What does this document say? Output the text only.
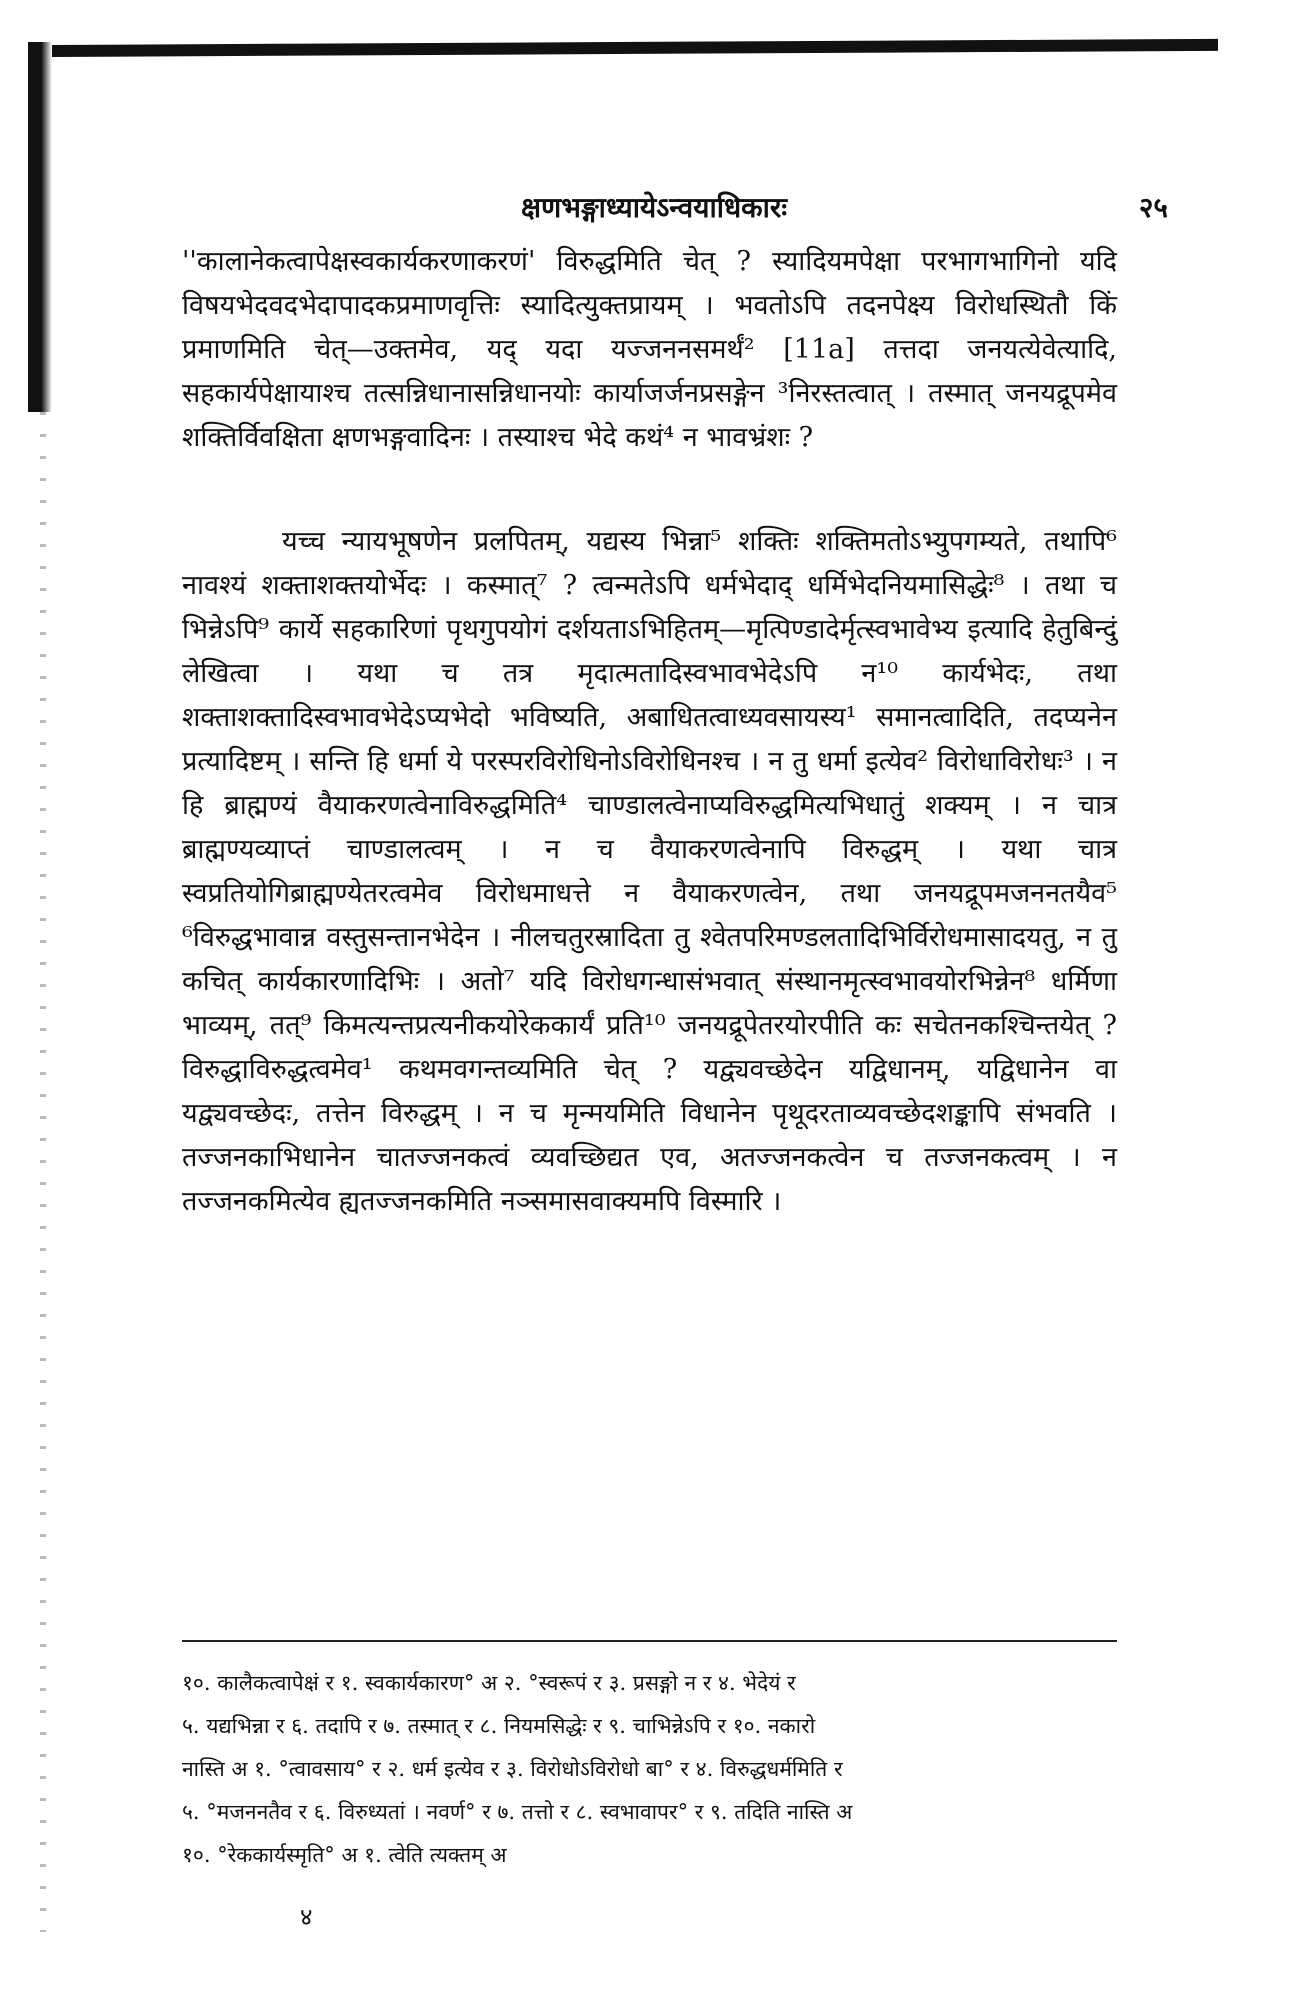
क्षणभङ्गाध्यायेऽन्वयाधिकारः	२५

''कालानेकत्वापेक्षस्वकार्यकरणाकरणं' विरुद्धमिति चेत् ? स्यादियमपेक्षा परभागभागिनो यदि विषयभेदवदभेदापादकप्रमाणवृत्तिः स्यादित्युक्तप्रायम् । भवतोऽपि तदनपेक्ष्य विरोधस्थितौ किं प्रमाणमिति चेत्—उक्तमेव, यद् यदा यज्जननसमर्थं² [11a] तत्तदा जनयत्येवेत्यादि, सहकार्यपेक्षायाश्च तत्सन्निधानासन्निधानयोः कार्याजर्जनप्रसङ्गेन ³निरस्तत्वात् । तस्मात् जनयद्रूपमेव शक्तिर्विवक्षिता क्षणभङ्गवादिनः । तस्याश्च भेदे कथं⁴ न भावभ्रंशः ?

यच्च न्यायभूषणेन प्रलपितम्, यद्यस्य भिन्ना⁵ शक्तिः शक्तिमतोऽभ्युपगम्यते, तथापि⁶ नावश्यं शक्ताशक्तयोर्भेदः । कस्मात्⁷ ? त्वन्मतेऽपि धर्मभेदाद् धर्मिभेदनियमासिद्धेः⁸ । तथा च भिन्नेऽपि⁹ कार्ये सहकारिणां पृथगुपयोगं दर्शयताऽभिहितम्—मृत्पिण्डादेर्मृत्स्वभावेभ्य इत्यादि हेतुबिन्दुं लेखित्वा । यथा च तत्र मृदात्मतादिस्वभावभेदेऽपि न¹⁰ कार्यभेदः, तथा शक्ताशक्तादिस्वभावभेदेऽप्यभेदो भविष्यति, अबाधितत्वाध्यवसायस्य¹ समानत्वादिति, तदप्यनेन प्रत्यादिष्टम् । सन्ति हि धर्मा ये परस्परविरोधिनोऽविरोधिनश्च । न तु धर्मा इत्येव² विरोधाविरोधः³ । न हि ब्राह्मण्यं वैयाकरणत्वेनाविरुद्धमिति⁴ चाण्डालत्वेनाप्यविरुद्धमित्यभिधातुं शक्यम् । न चात्र ब्राह्मण्यव्याप्तं चाण्डालत्वम् । न च वैयाकरणत्वेनापि विरुद्धम् । यथा चात्र स्वप्रतियोगिब्राह्मण्येतरत्वमेव विरोधमाधत्ते न वैयाकरणत्वेन, तथा जनयद्रूपमजननतयैव⁵ ⁶विरुद्धभावान्न वस्तुसन्तानभेदेन । नीलचतुरस्रादिता तु श्वेतपरिमण्डलतादिभिर्विरोधमासादयतु, न तु कचित् कार्यकारणादिभिः । अतो⁷ यदि विरोधगन्धासंभवात् संस्थानमृत्स्वभावयोरभिन्नेन⁸ धर्मिणा भाव्यम्, तत्⁹ किमत्यन्तप्रत्यनीकयोरेककार्यं प्रति¹⁰ जनयद्रूपेतरयोरपीति कः सचेतनकश्चिन्तयेत् ? विरुद्धाविरुद्धत्वमेव¹ कथमवगन्तव्यमिति चेत् ? यद्व्यवच्छेदेन यद्विधानम्, यद्विधानेन वा यद्व्यवच्छेदः, तत्तेन विरुद्धम् । न च मृन्मयमिति विधानेन पृथूदरताव्यवच्छेदशङ्कापि संभवति । तज्जनकाभिधानेन चातज्जनकत्वं व्यवच्छिद्यत एव, अतज्जनकत्वेन च तज्जनकत्वम् । न तज्जनकमित्येव ह्यतज्जनकमिति नञ्समासवाक्यमपि विस्मारि ।

१०. कालैकत्वापेक्षं र १. स्वकार्यकारण° अ २. °स्वरूपं र ३. प्रसङ्गो न र ४. भेदेयं र
५. यद्यभिन्ना र ६. तदापि र ७. तस्मात् र ८. नियमसिद्धेः र ९. चाभिन्नेऽपि र १०. नकारो
नास्ति अ १. °त्वावसाय° र २. धर्म इत्येव र ३. विरोधोऽविरोधो बा° र ४. विरुद्धधर्ममिति र
५. °मजननतैव र ६. विरुध्यतां । नवर्ण° र ७. तत्तो र ८. स्वभावापर° र ९. तदिति नास्ति अ
१०. °रेककार्यस्मृति° अ १. त्वेति त्यक्तम् अ
४
